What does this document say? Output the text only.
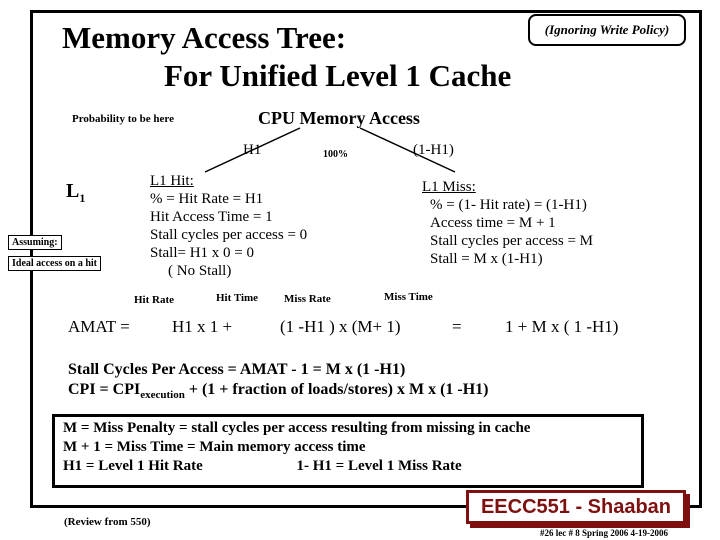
Memory Access Tree:
For Unified Level 1 Cache
(Ignoring Write Policy)
Probability to be here	CPU Memory Access
H1	100%	(1-H1)
$L_1$
Assuming:
Ideal access on a hit
L1 Hit:
% = Hit Rate = H1
Hit Access Time = 1
Stall cycles per access = 0
Stall= H1 x 0 = 0
( No Stall)
L1 Miss:
% = (1- Hit rate) = (1-H1)
Access time = M + 1
Stall cycles per access = M
Stall = M x (1-H1)
Hit Rate	Hit Time Miss Rate	Miss Time
AMAT = H1 x 1 +	(1 -H1 ) x (M+ 1)	=	1 + M x ( 1 -H1)
Stall Cycles Per Access = AMAT - 1 = M x (1 -H1)
CPI = $CPI_{execution} + (1$ + fraction of loads/stores) x M x (1 -H1)
M = Miss Penalty = stall cycles per access resulting from missing in cache
M + 1 = Miss Time = Main memory access time
H1 = Level 1 Hit Rate                         1- H1 = Level 1 Miss Rate
(Review from 550)
EECC551 - Shaaban
#26 lec # 8 Spring 2006 4-19-2006
